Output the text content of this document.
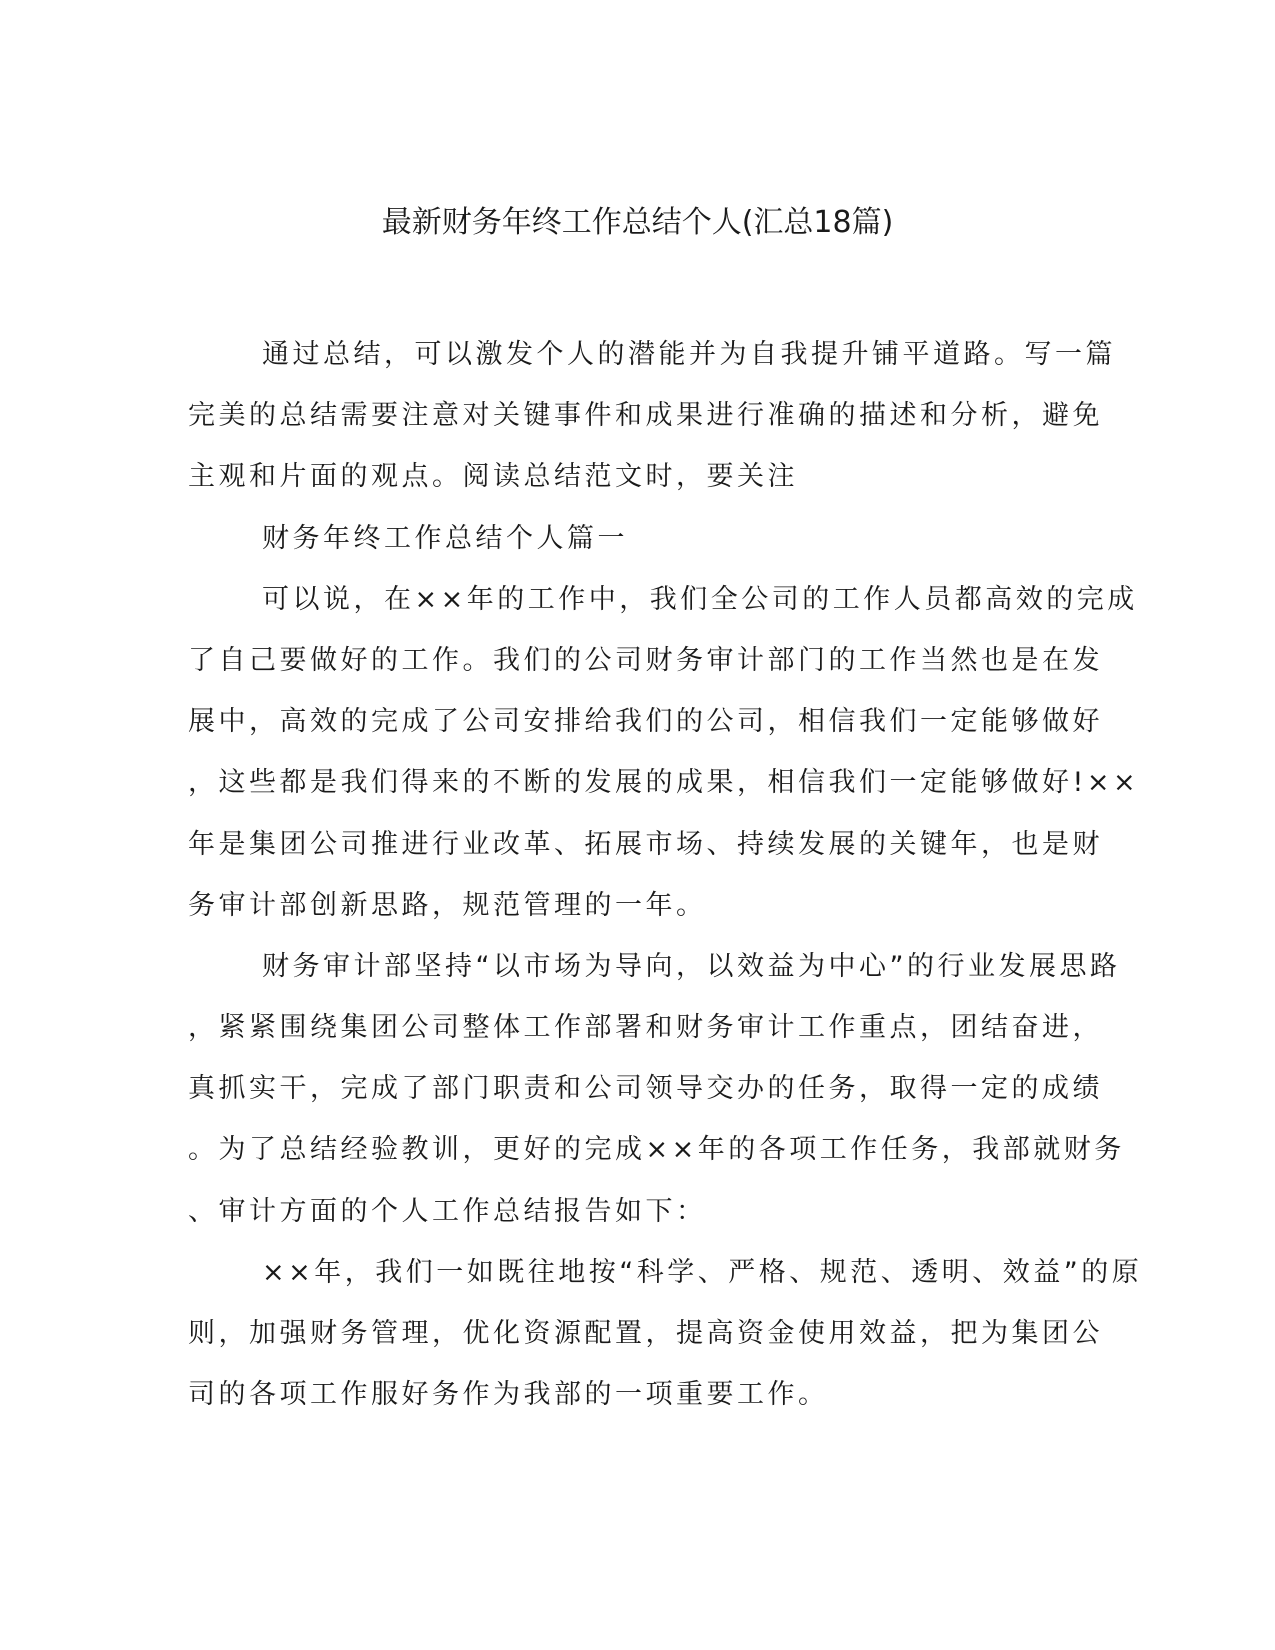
最新财务年终工作总结个人(汇总18篇)

通过总结，可以激发个人的潜能并为自我提升铺平道路。写一篇

完美的总结需要注意对关键事件和成果进行准确的描述和分析，避免

主观和片面的观点。阅读总结范文时，要关注

财务年终工作总结个人篇一

可以说，在××年的工作中，我们全公司的工作人员都高效的完成

了自己要做好的工作。我们的公司财务审计部门的工作当然也是在发

展中，高效的完成了公司安排给我们的公司，相信我们一定能够做好

，这些都是我们得来的不断的发展的成果，相信我们一定能够做好!××

年是集团公司推进行业改革、拓展市场、持续发展的关键年，也是财

务审计部创新思路，规范管理的一年。

财务审计部坚持“以市场为导向，以效益为中心”的行业发展思路

，紧紧围绕集团公司整体工作部署和财务审计工作重点，团结奋进，

真抓实干，完成了部门职责和公司领导交办的任务，取得一定的成绩

。为了总结经验教训，更好的完成××年的各项工作任务，我部就财务

、审计方面的个人工作总结报告如下：

××年，我们一如既往地按“科学、严格、规范、透明、效益”的原

则，加强财务管理，优化资源配置，提高资金使用效益，把为集团公

司的各项工作服好务作为我部的一项重要工作。
